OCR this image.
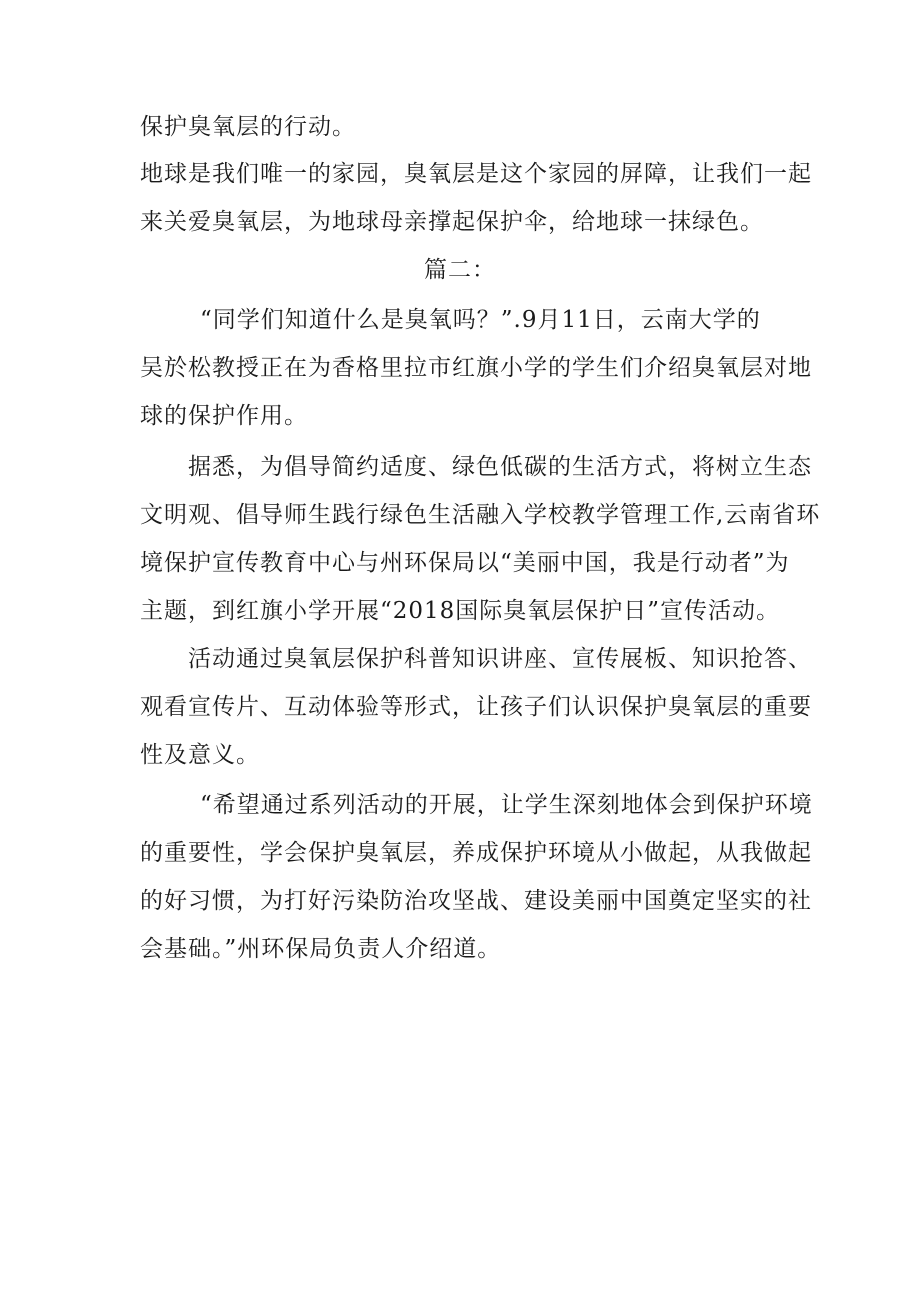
保护臭氧层的行动。
地球是我们唯一的家园，臭氧层是这个家园的屏障，让我们一起
来关爱臭氧层，为地球母亲撑起保护伞，给地球一抹绿色。
篇二：
“同学们知道什么是臭氧吗？”.9月11日，云南大学的
吴於松教授正在为香格里拉市红旗小学的学生们介绍臭氧层对地
球的保护作用。
据悉，为倡导简约适度、绿色低碳的生活方式，将树立生态
文明观、倡导师生践行绿色生活融入学校教学管理工作,云南省环
境保护宣传教育中心与州环保局以“美丽中国，我是行动者”为
主题，到红旗小学开展“2018国际臭氧层保护日”宣传活动。
活动通过臭氧层保护科普知识讲座、宣传展板、知识抢答、
观看宣传片、互动体验等形式，让孩子们认识保护臭氧层的重要
性及意义。
“希望通过系列活动的开展，让学生深刻地体会到保护环境
的重要性，学会保护臭氧层，养成保护环境从小做起，从我做起
的好习惯，为打好污染防治攻坚战、建设美丽中国奠定坚实的社
会基础。”州环保局负责人介绍道。
